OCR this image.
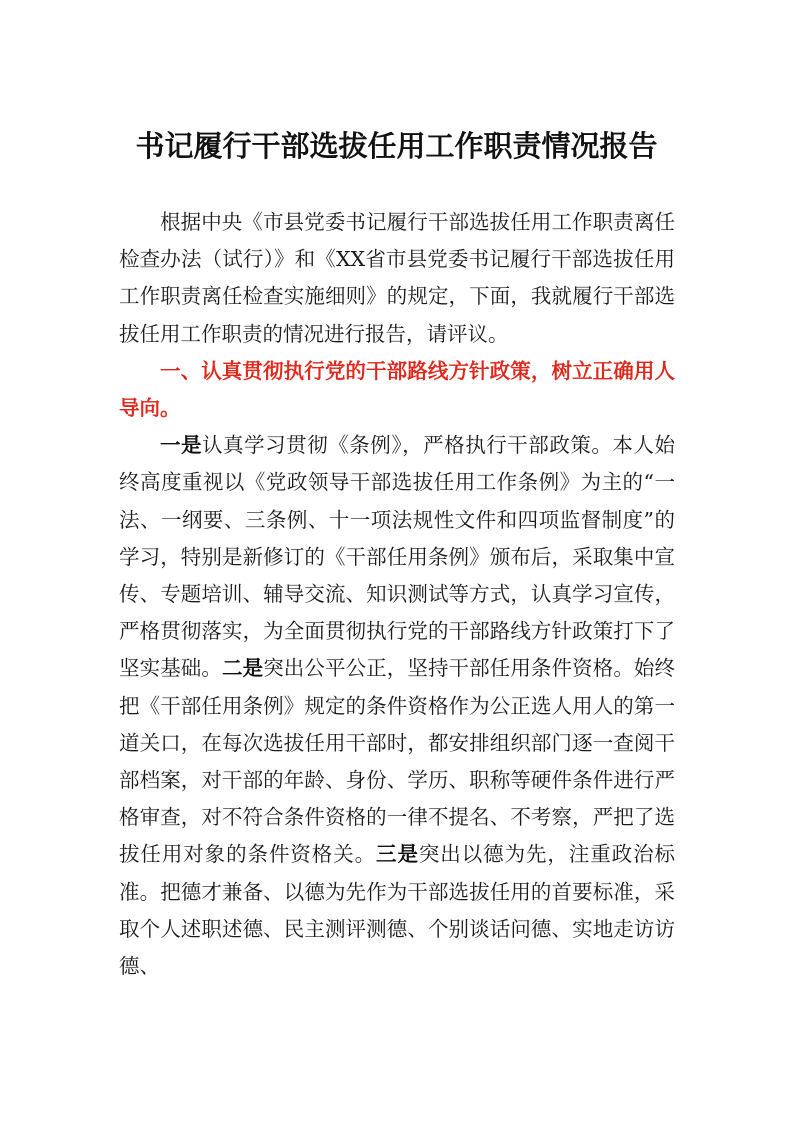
书记履行干部选拔任用工作职责情况报告

根据中央《市县党委书记履行干部选拔任用工作职责离任检查办法（试行）》和《XX省市县党委书记履行干部选拔任用工作职责离任检查实施细则》的规定，下面，我就履行干部选拔任用工作职责的情况进行报告，请评议。

一、认真贯彻执行党的干部路线方针政策，树立正确用人导向。

一是认真学习贯彻《条例》，严格执行干部政策。本人始终高度重视以《党政领导干部选拔任用工作条例》为主的“一法、一纲要、三条例、十一项法规性文件和四项监督制度”的学习，特别是新修订的《干部任用条例》颁布后，采取集中宣传、专题培训、辅导交流、知识测试等方式，认真学习宣传，严格贯彻落实，为全面贯彻执行党的干部路线方针政策打下了坚实基础。二是突出公平公正，坚持干部任用条件资格。始终把《干部任用条例》规定的条件资格作为公正选人用人的第一道关口，在每次选拔任用干部时，都安排组织部门逐一查阅干部档案，对干部的年龄、身份、学历、职称等硬件条件进行严格审查，对不符合条件资格的一律不提名、不考察，严把了选拔任用对象的条件资格关。三是突出以德为先，注重政治标准。把德才兼备、以德为先作为干部选拔任用的首要标准，采取个人述职述德、民主测评测德、个别谈话问德、实地走访访德、
